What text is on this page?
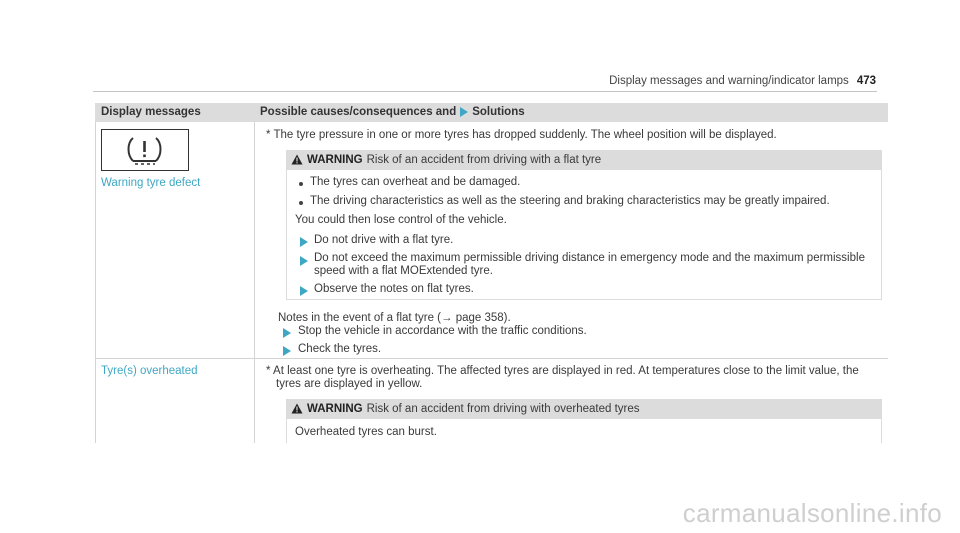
Display messages and warning/indicator lamps 473
Display messages	Possible causes/consequences and Solutions
Warning tyre defect
* The tyre pressure in one or more tyres has dropped suddenly. The wheel position will be displayed.
WARNING Risk of an accident from driving with a flat tyre
The tyres can overheat and be damaged.
The driving characteristics as well as the steering and braking characteristics may be greatly impaired.
You could then lose control of the vehicle.
Do not drive with a flat tyre.
Do not exceed the maximum permissible driving distance in emergency mode and the maximum permissible
speed with a flat MOExtended tyre.
Observe the notes on flat tyres.
Notes in the event of a flat tyre (→ page 358).
Stop the vehicle in accordance with the traffic conditions.
Check the tyres.
Tyre(s) overheated	* At least one tyre is overheating. The affected tyres are displayed in red. At temperatures close to the limit value, the
tyres are displayed in yellow.
WARNING Risk of an accident from driving with overheated tyres
Overheated tyres can burst.
carmanualsonline.info
